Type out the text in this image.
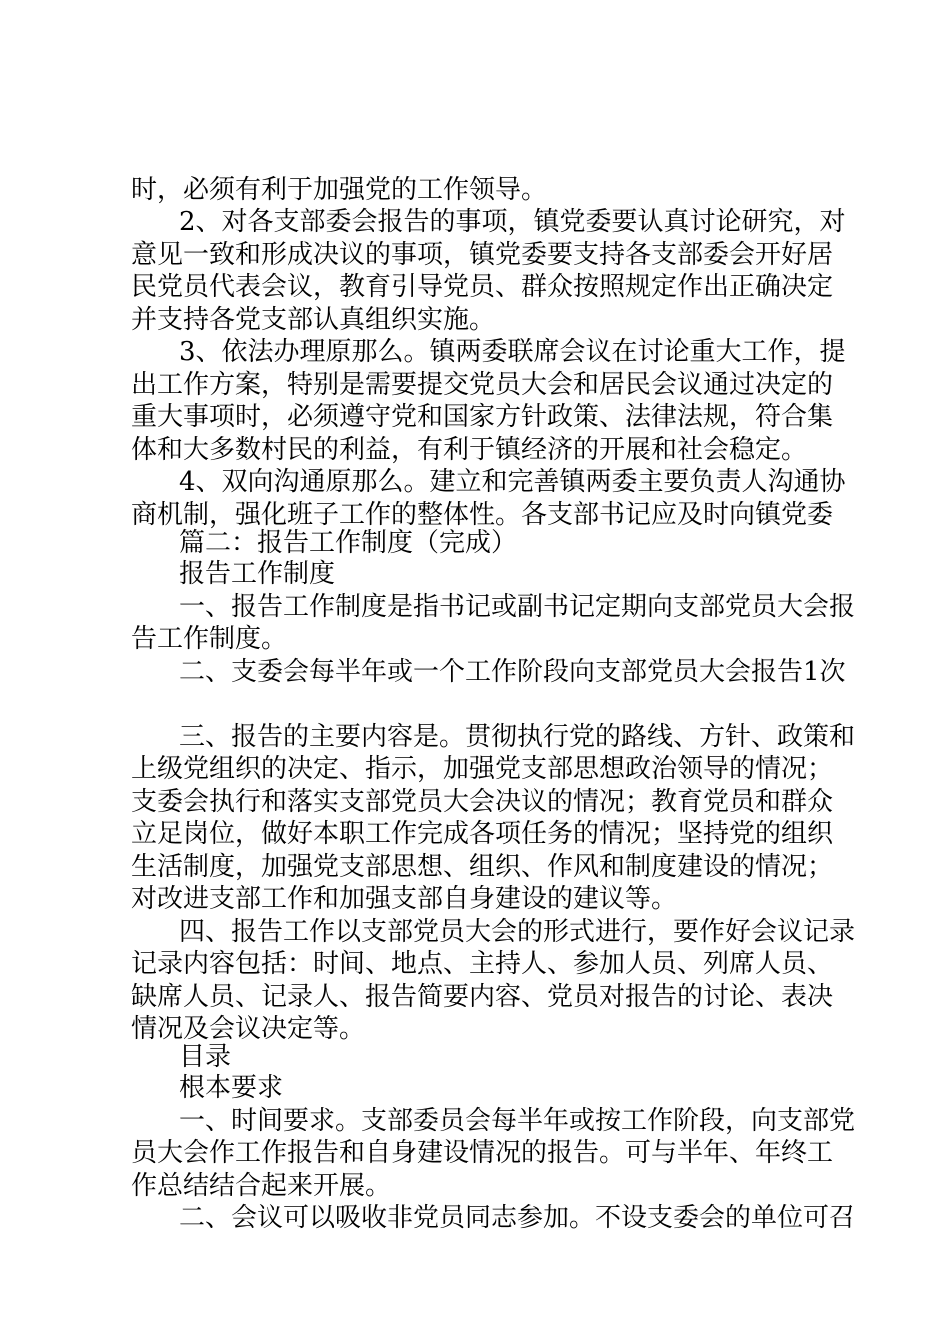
时，必须有利于加强党的工作领导。
2、对各支部委会报告的事项，镇党委要认真讨论研究，对
意见一致和形成决议的事项，镇党委要支持各支部委会开好居
民党员代表会议，教育引导党员、群众按照规定作出正确决定
并支持各党支部认真组织实施。
3、依法办理原那么。镇两委联席会议在讨论重大工作，提
出工作方案，特别是需要提交党员大会和居民会议通过决定的
重大事项时，必须遵守党和国家方针政策、法律法规，符合集
体和大多数村民的利益，有利于镇经济的开展和社会稳定。
4、双向沟通原那么。建立和完善镇两委主要负责人沟通协
商机制，强化班子工作的整体性。各支部书记应及时向镇党委
篇二：报告工作制度（完成）
报告工作制度
一、报告工作制度是指书记或副书记定期向支部党员大会报
告工作制度。
二、支委会每半年或一个工作阶段向支部党员大会报告1次
三、报告的主要内容是。贯彻执行党的路线、方针、政策和
上级党组织的决定、指示，加强党支部思想政治领导的情况；
支委会执行和落实支部党员大会决议的情况；教育党员和群众
立足岗位，做好本职工作完成各项任务的情况；坚持党的组织
生活制度，加强党支部思想、组织、作风和制度建设的情况；
对改进支部工作和加强支部自身建设的建议等。
四、报告工作以支部党员大会的形式进行，要作好会议记录
记录内容包括：时间、地点、主持人、参加人员、列席人员、
缺席人员、记录人、报告简要内容、党员对报告的讨论、表决
情况及会议决定等。
目录
根本要求
一、时间要求。支部委员会每半年或按工作阶段，向支部党
员大会作工作报告和自身建设情况的报告。可与半年、年终工
作总结结合起来开展。
二、会议可以吸收非党员同志参加。不设支委会的单位可召
